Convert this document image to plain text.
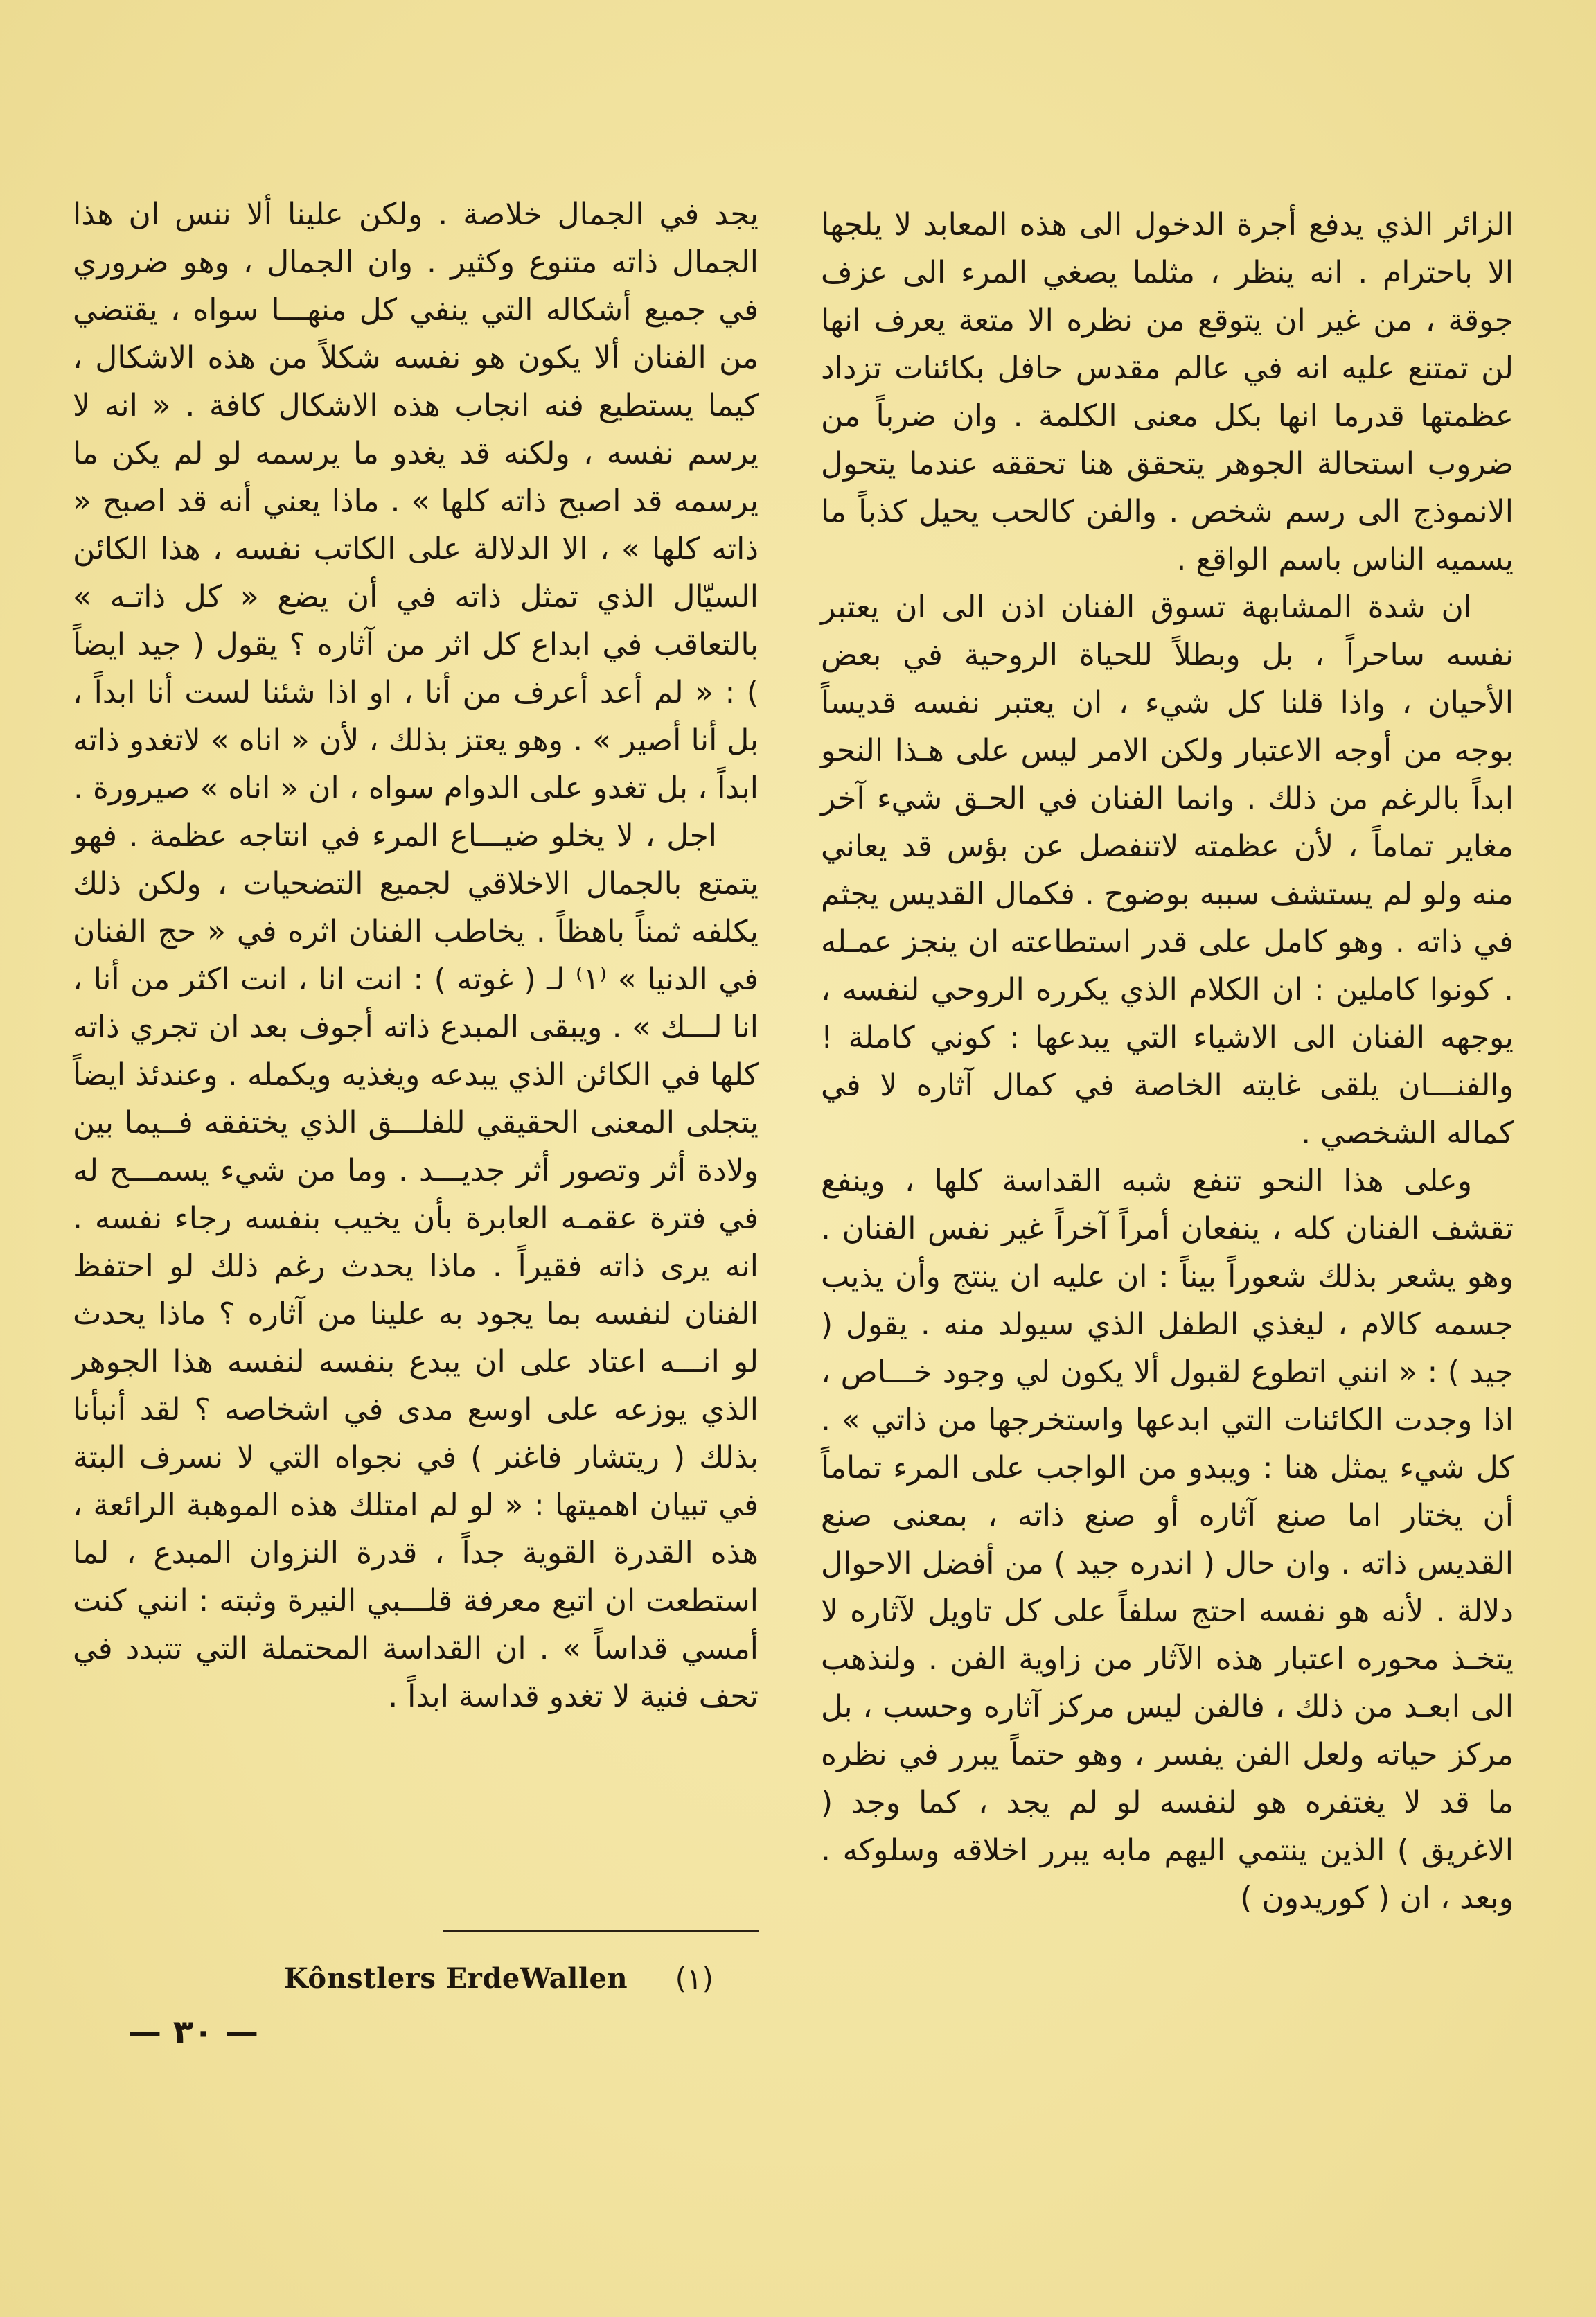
الزائر الذي يدفع أجرة الدخول الى هذه المعابد لا يلجها الا باحترام . انه ينظر ، مثلما يصغي المرء الى عزف جوقة ، من غير ان يتوقع من نظره الا متعة يعرف انها لن تمتنع عليه انه في عالم مقدس حافل بكائنات تزداد عظمتها قدرما انها بكل معنى الكلمة . وان ضرباً من ضروب استحالة الجوهر يتحقق هنا تحققه عندما يتحول الانموذج الى رسم شخص . والفن كالحب يحيل كذباً ما يسميه الناس باسم الواقع .

ان شدة المشابهة تسوق الفنان اذن الى ان يعتبر نفسه ساحراً ، بل وبطلاً للحياة الروحية في بعض الأحيان ، واذا قلنا كل شيء ، ان يعتبر نفسه قديساً بوجه من أوجه الاعتبار ولكن الامر ليس على هـذا النحو ابداً بالرغم من ذلك . وانما الفنان في الحـق شيء آخر مغاير تماماً ، لأن عظمته لاتنفصل عن بؤس قد يعاني منه ولو لم يستشف سببه بوضوح . فكمال القديس يجثم في ذاته . وهو كامل على قدر استطاعته ان ينجز عمـله . كونوا كاملين : ان الكلام الذي يكرره الروحي لنفسه ، يوجهه الفنان الى الاشياء التي يبدعها : كوني كاملة ! والفنـــان يلقى غايته الخاصة في كمال آثاره لا في كماله الشخصي .

وعلى هذا النحو تنفع شبه القداسة كلها ، وينفع تقشف الفنان كله ، ينفعان أمراً آخراً غير نفس الفنان . وهو يشعر بذلك شعوراً بيناً : ان عليه ان ينتج وأن يذيب جسمه كالام ، ليغذي الطفل الذي سيولد منه . يقول ( جيد ) : « انني اتطوع لقبول ألا يكون لي وجود خـــاص ، اذا وجدت الكائنات التي ابدعها واستخرجها من ذاتي » . كل شيء يمثل هنا : ويبدو من الواجب على المرء تماماً أن يختار اما صنع آثاره أو صنع ذاته ، بمعنى صنع القديس ذاته . وان حال ( اندره جيد ) من أفضل الاحوال دلالة . لأنه هو نفسه احتج سلفاً على كل تاويل لآثاره لا يتخـذ محوره اعتبار هذه الآثار من زاوية الفن . ولنذهب الى ابعـد من ذلك ، فالفن ليس مركز آثاره وحسب ، بل مركز حياته ولعل الفن يفسر ، وهو حتماً يبرر في نظره ما قد لا يغتفره هو لنفسه لو لم يجد ، كما وجد ( الاغريق ) الذين ينتمي اليهم مابه يبرر اخلاقه وسلوكه . وبعد ، ان ( كوريدون )

يجد في الجمال خلاصة . ولكن علينا ألا ننس ان هذا الجمال ذاته متنوع وكثير . وان الجمال ، وهو ضروري في جميع أشكاله التي ينفي كل منهـــا سواه ، يقتضي من الفنان ألا يكون هو نفسه شكلاً من هذه الاشكال ، كيما يستطيع فنه انجاب هذه الاشكال كافة . « انه لا يرسم نفسه ، ولكنه قد يغدو ما يرسمه لو لم يكن ما يرسمه قد اصبح ذاته كلها » . ماذا يعني أنه قد اصبح « ذاته كلها » ، الا الدلالة على الكاتب نفسه ، هذا الكائن السيّال الذي تمثل ذاته في أن يضع « كل ذاتـه » بالتعاقب في ابداع كل اثر من آثاره ؟ يقول ( جيد ايضاً ) : « لم أعد أعرف من أنا ، او اذا شئنا لست أنا ابداً ، بل أنا أصير » . وهو يعتز بذلك ، لأن « اناه » لاتغدو ذاته ابداً ، بل تغدو على الدوام سواه ، ان « اناه » صيرورة .

اجل ، لا يخلو ضيـــاع المرء في انتاجه عظمة . فهو يتمتع بالجمال الاخلاقي لجميع التضحيات ، ولكن ذلك يكلفه ثمناً باهظاً . يخاطب الفنان اثره في « حج الفنان في الدنيا » ⁽١⁾ لـ ( غوته ) : انت انا ، انت اكثر من أنا ، انا لـــك » . ويبقى المبدع ذاته أجوف بعد ان تجري ذاته كلها في الكائن الذي يبدعه ويغذيه ويكمله . وعندئذ ايضاً يتجلى المعنى الحقيقي للفلـــق الذي يختفقه فــيما بين ولادة أثر وتصور أثر جديـــد . وما من شيء يسمـــح له في فترة عقمـه العابرة بأن يخيب بنفسه رجاء نفسه . انه يرى ذاته فقيراً . ماذا يحدث رغم ذلك لو احتفظ الفنان لنفسه بما يجود به علينا من آثاره ؟ ماذا يحدث لو انـــه اعتاد على ان يبدع بنفسه لنفسه هذا الجوهر الذي يوزعه على اوسع مدى في اشخاصه ؟ لقد أنبأنا بذلك ( ريتشار فاغنر ) في نجواه التي لا نسرف البتة في تبيان اهميتها : « لو لم امتلك هذه الموهبة الرائعة ، هذه القدرة القوية جداً ، قدرة النزوان المبدع ، لما استطعت ان اتبع معرفة قلـــبي النيرة وثبته : انني كنت أمسي قداساً » . ان القداسة المحتملة التي تتبدد في تحف فنية لا تغدو قداسة ابداً .

Kônstlers ErdeWallen (١)
— ٣٠ —
